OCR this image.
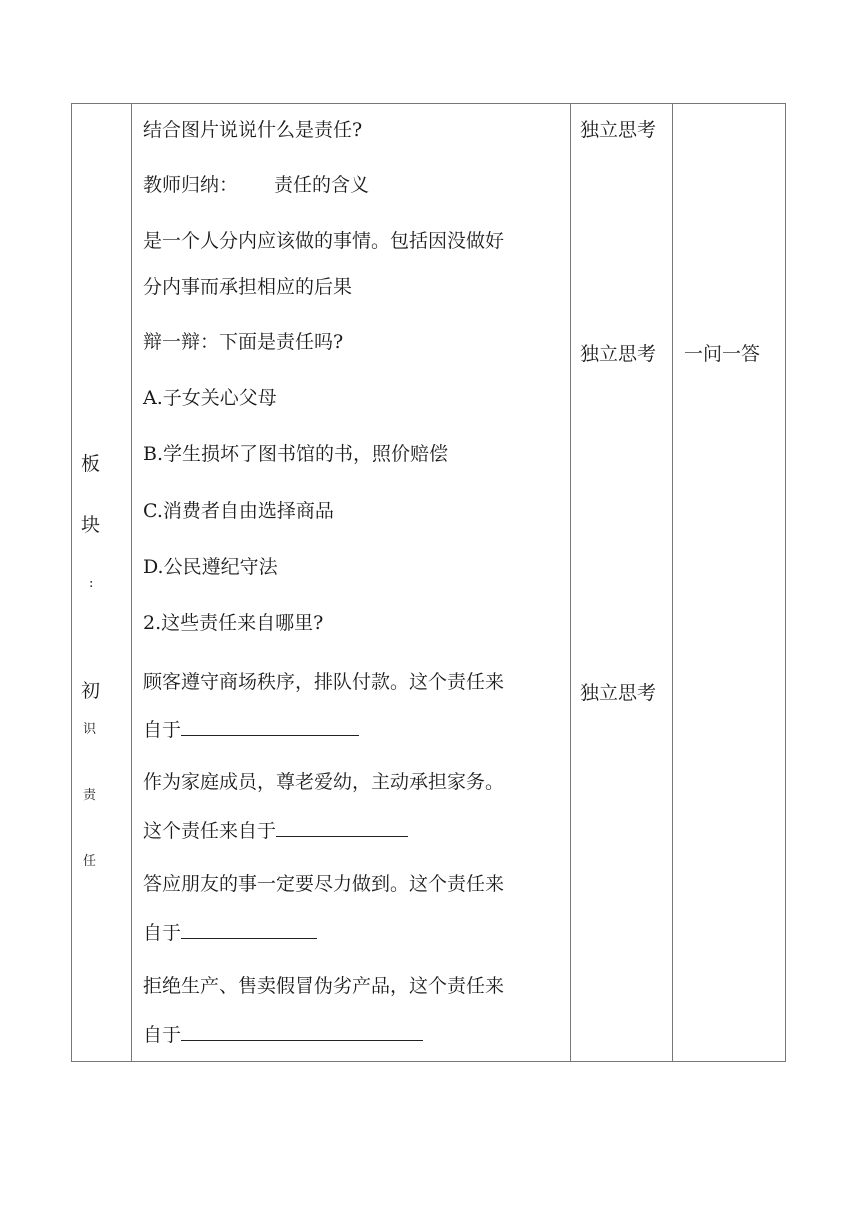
板
块
:
初
识
责
任
结合图片说说什么是责任?
教师归纳： 责任的含义
是一个人分内应该做的事情。包括因没做好
分内事而承担相应的后果
辩一辩：下面是责任吗?
A.子女关心父母
B.学生损坏了图书馆的书，照价赔偿
C.消费者自由选择商品
D.公民遵纪守法
2.这些责任来自哪里?
顾客遵守商场秩序，排队付款。这个责任来
自于
作为家庭成员，尊老爱幼，主动承担家务。
这个责任来自于
答应朋友的事一定要尽力做到。这个责任来
自于
拒绝生产、售卖假冒伪劣产品，这个责任来
自于
独立思考
独立思考
独立思考
一问一答
